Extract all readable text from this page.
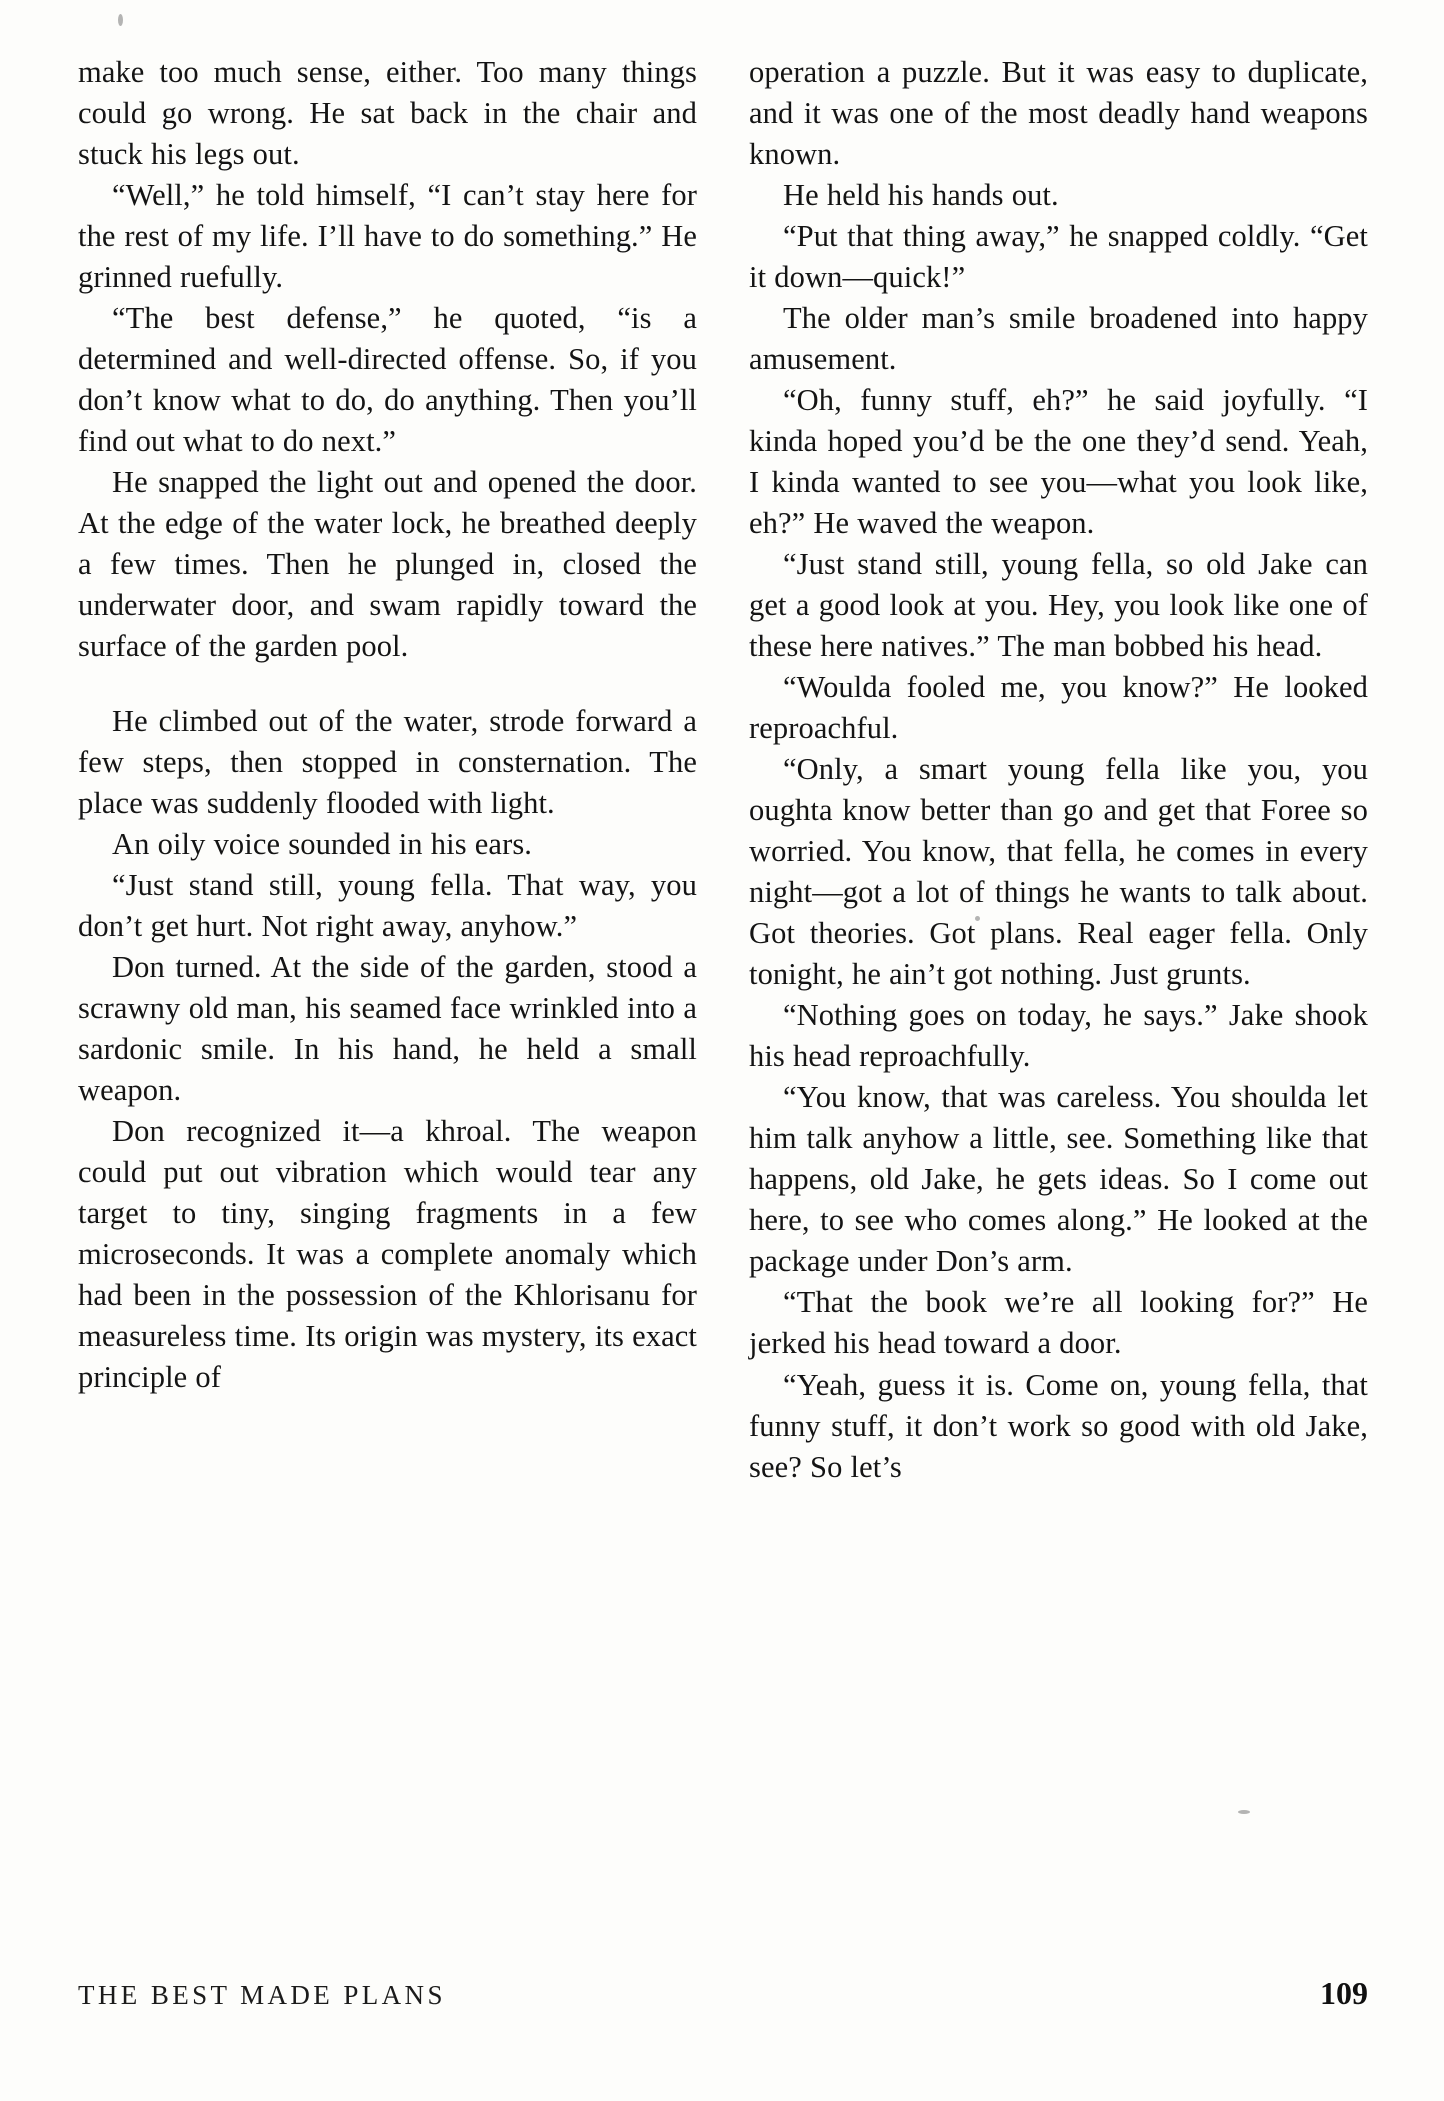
make too much sense, either. Too many things could go wrong. He sat back in the chair and stuck his legs out.

“Well,” he told himself, “I can’t stay here for the rest of my life. I’ll have to do something.” He grinned ruefully.

“The best defense,” he quoted, “is a determined and well-directed offense. So, if you don’t know what to do, do anything. Then you’ll find out what to do next.”

He snapped the light out and opened the door. At the edge of the water lock, he breathed deeply a few times. Then he plunged in, closed the underwater door, and swam rapidly toward the surface of the garden pool.

He climbed out of the water, strode forward a few steps, then stopped in consternation. The place was suddenly flooded with light.

An oily voice sounded in his ears.

“Just stand still, young fella. That way, you don’t get hurt. Not right away, anyhow.”

Don turned. At the side of the garden, stood a scrawny old man, his seamed face wrinkled into a sardonic smile. In his hand, he held a small weapon.

Don recognized it—a khroal. The weapon could put out vibration which would tear any target to tiny, singing fragments in a few microseconds. It was a complete anomaly which had been in the possession of the Khlorisanu for measureless time. Its origin was mystery, its exact principle of

operation a puzzle. But it was easy to duplicate, and it was one of the most deadly hand weapons known.

He held his hands out.

“Put that thing away,” he snapped coldly. “Get it down—quick!”

The older man’s smile broadened into happy amusement.

“Oh, funny stuff, eh?” he said joyfully. “I kinda hoped you’d be the one they’d send. Yeah, I kinda wanted to see you—what you look like, eh?” He waved the weapon.

“Just stand still, young fella, so old Jake can get a good look at you. Hey, you look like one of these here natives.” The man bobbed his head.

“Woulda fooled me, you know?” He looked reproachful.

“Only, a smart young fella like you, you oughta know better than go and get that Foree so worried. You know, that fella, he comes in every night—got a lot of things he wants to talk about. Got theories. Got plans. Real eager fella. Only tonight, he ain’t got nothing. Just grunts.

“Nothing goes on today, he says.” Jake shook his head reproachfully.

“You know, that was careless. You shoulda let him talk anyhow a little, see. Something like that happens, old Jake, he gets ideas. So I come out here, to see who comes along.” He looked at the package under Don’s arm.

“That the book we’re all looking for?” He jerked his head toward a door.

“Yeah, guess it is. Come on, young fella, that funny stuff, it don’t work so good with old Jake, see? So let’s

THE BEST MADE PLANS	109
